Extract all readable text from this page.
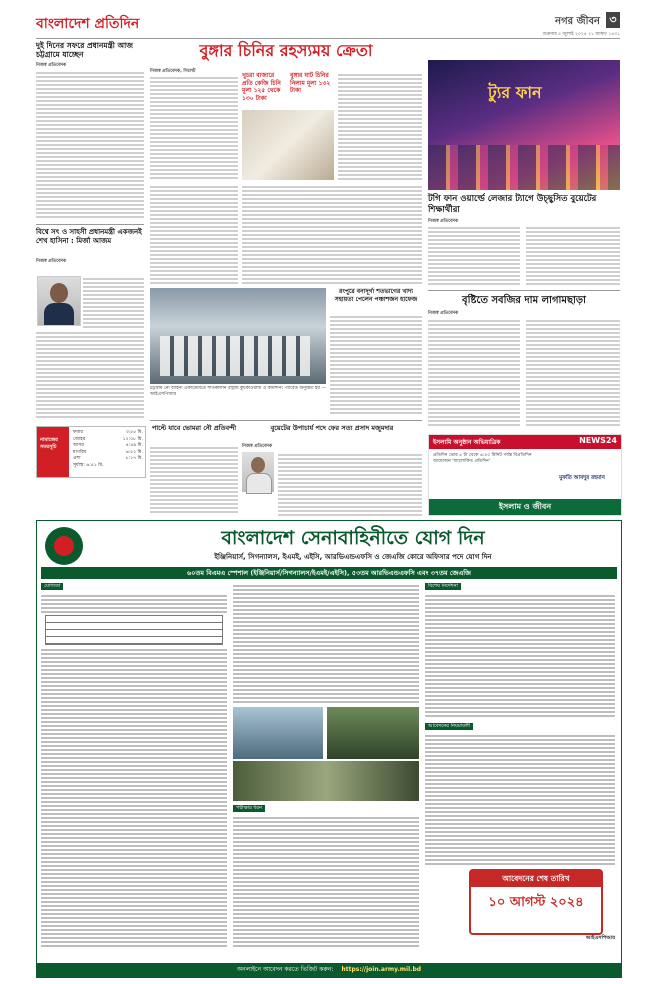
বাংলাদেশ প্রতিদিন	নগর জীবন ৩
শুক্রবার ৫ জুলাই ২০২৪ ২১ আষাঢ় ১৪৩১
দুই দিনের সফরে প্রধানমন্ত্রী আজ চট্টগ্রামে যাচ্ছেন
নিজস্ব প্রতিবেদক
বিশ্বে সৎ ও সাহসী প্রধানমন্ত্রী একজনই শেখ হাসিনা : মির্জা আজম
নিজস্ব প্রতিবেদক
নামাজের সময়সূচি
ফজর	৩:৫৫ মি.
জোহর	১২:০৮ মি.
আসর	৪:৪৯ মি.
মাগরিব	৬:৫২ মি.
এশা	৮:১৭ মি.
সূর্যাস্ত: ৬:৫১ মি.
বুঙ্গার চিনির রহস্যময় ক্রেতা
নিজস্ব প্রতিবেদক, সিলেট
খুচরা বাজারে প্রতি কেজি চিনি মূল্য ১২৫ থেকে ১৩০ টাকা
বুঙ্গার ঘাট চিনির নিলাম মূল্য ১৩২ টাকা
চট্টগ্রাম নৌ বাহিনী একাডেমিতে শীতকালীন রাষ্ট্রীয় কুচকাওয়াজ ও কমিশনিং প্যারেড অনুষ্ঠিত হয় — আইএসপিআর
রংপুরে বন্যদূর্গা শতভাগের খাদ্য সহায়তা পেলেন পঞ্চাশজন হাফেজ
পাল্টে যাবে ভোমরা নৌ প্রতিবন্দী	বুয়েটের উপাচার্য পদে ফের সত্য প্রসাদ মজুমদার
নিজস্ব প্রতিবেদক
ট্যুর ফান
টগি ফান ওয়ার্ল্ডে লেজার ট্যাগে উচ্ছ্বসিত বুয়েটের শিক্ষার্থীরা
নিজস্ব প্রতিবেদক
বৃষ্টিতে সবজির দাম লাগামছাড়া
নিজস্ব প্রতিবেদক
ইসলামি অনুষ্ঠান অভিযাত্রিক	NEWS24
প্রতিদিন ভোর ৫ টা থেকে ৬:৪০ মিনিট পর্যন্ত বিপ্রতিদিন আয়োজন 'আলোকিত প্রতিদিন'
মুফতি আবদুর রহমান
ইসলাম ও জীবন
বাংলাদেশ সেনাবাহিনীতে যোগ দিন
ইঞ্জিনিয়ার্স, সিগন্যালস, ইএমই, এইসি, আরভিএন্ডএফসি ও জেএজি কোরে অফিসার পদে যোগ দিন
৬০তম বিএমএ স্পেশাল (ইঞ্জিনিয়ার্স/সিগন্যালস/ইএমই/এইসি), ৫৩তম আরভিএন্ডএফসি এবং ৩৭তম জেএজি
যোগ্যতা
পরীক্ষার ধরন
বিশেষ নির্দেশনা
আবেদনের নিয়মাবলী
আবেদনের শেষ তারিখ
১০ আগস্ট ২০২৪
আইএসপিআর
অনলাইনে আবেদন করতে ভিজিট করুন: https://join.army.mil.bd
